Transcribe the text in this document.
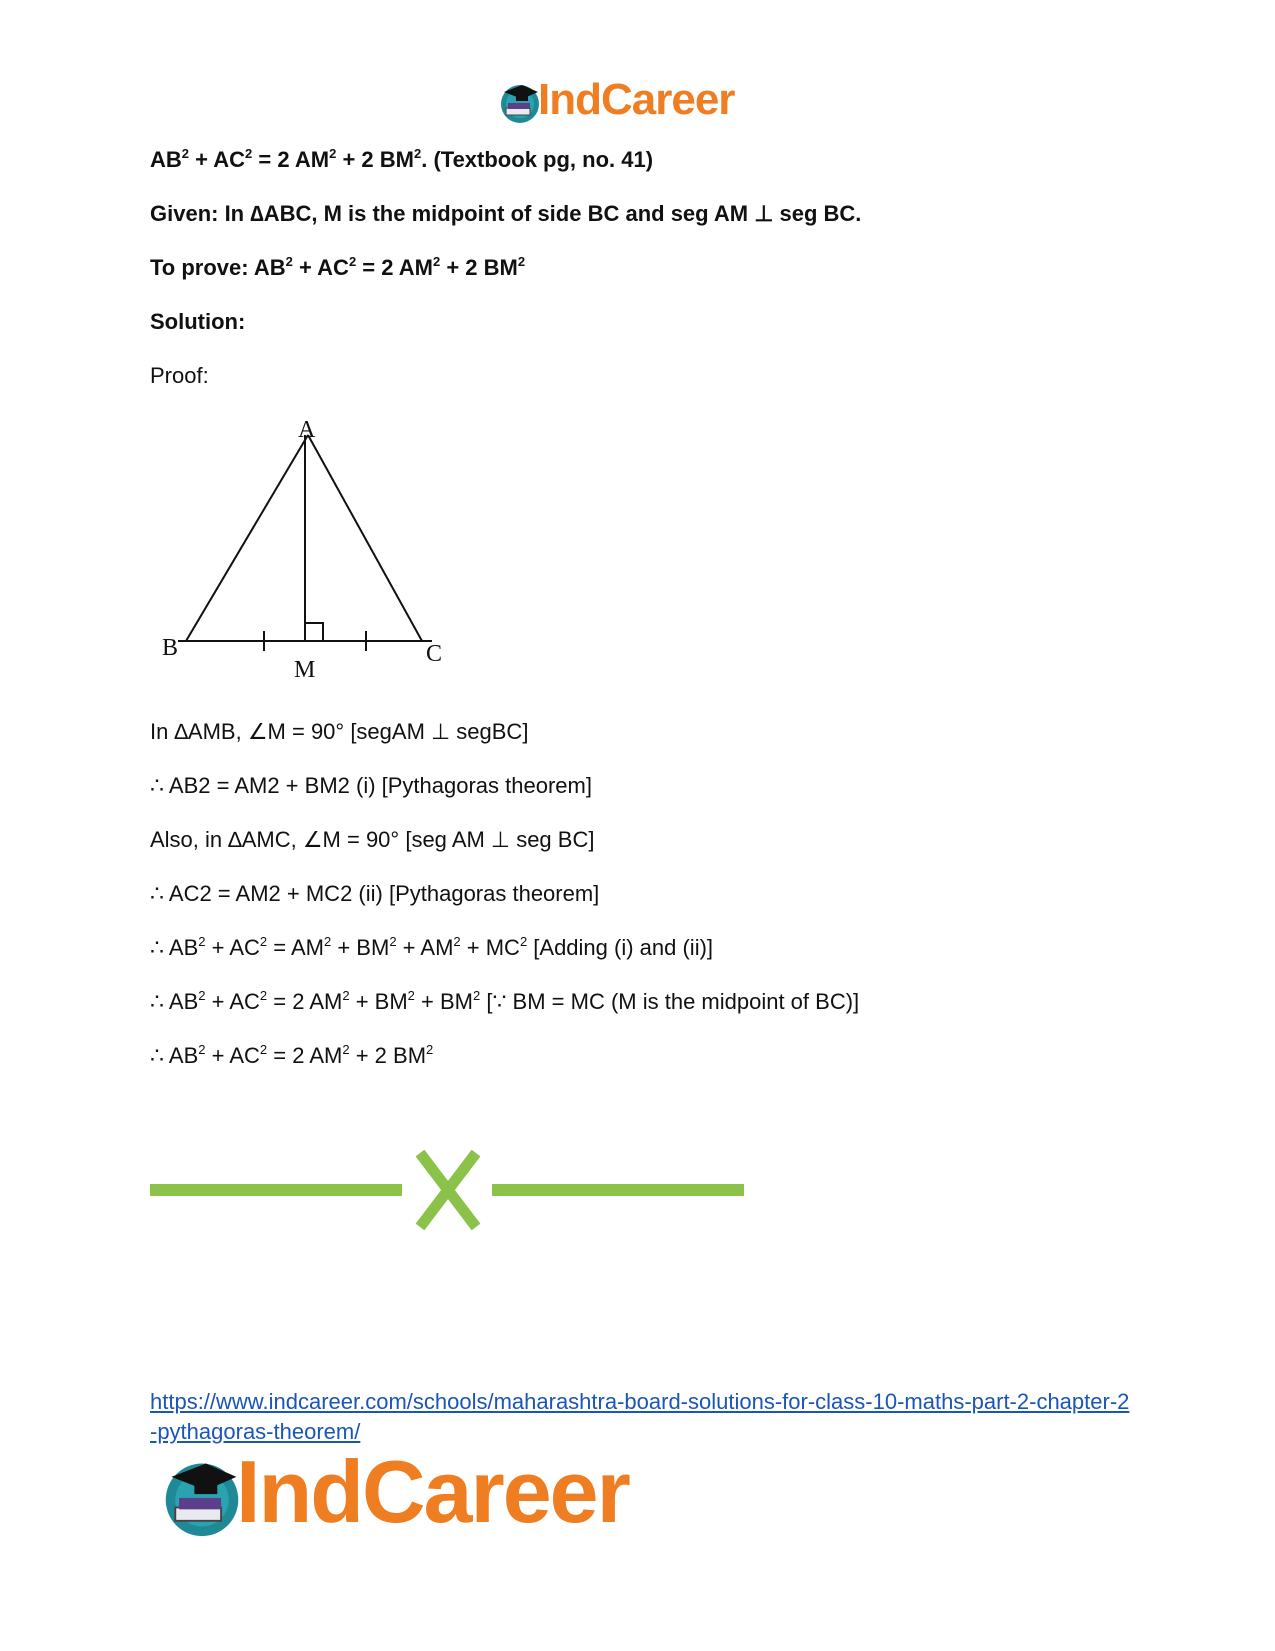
IndCareer
$AB^2 + AC^2 = 2$ $AM^2 + 2$ $BM^2$. (Textbook pg, no. 41)
Given: In ∆ABC, M is the midpoint of side BC and seg AM ⊥ seg BC.
To prove: $AB^2 + AC^2 = 2$ $AM^2 + 2$ $BM^2$
Solution:
Proof:
A
B	C
M
In ∆AMB, ∠M = 90° [segAM ⊥ segBC]
∴ AB2 = AM2 + BM2 (i) [Pythagoras theorem]
Also, in ∆AMC, ∠M = 90° [seg AM ⊥ seg BC]
∴ AC2 = AM2 + MC2 (ii) [Pythagoras theorem]
∴ $AB^2 + AC^2 = AM^2 + BM^2 + AM^2 + MC^2$ [Adding (i) and (ii)]
∴ $AB^2 + AC^2 = 2$ $AM^2 + BM^2 + BM^2$ [∵ BM = MC (M is the midpoint of BC)]
∴ $AB^2 + AC^2 = 2$ $AM^2 + 2$ $BM^2$
https://www.indcareer.com/schools/maharashtra-board-solutions-for-class-10-maths-part-2-chapter-2-pythagoras-theorem/
IndCareer
